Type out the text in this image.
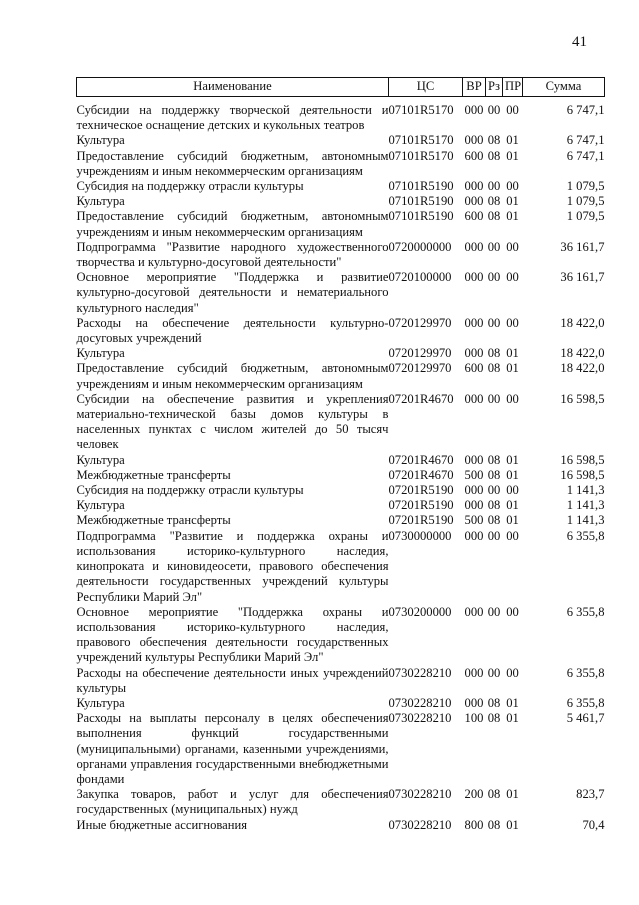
41
Наименование	ЦС	ВР	Рз	ПР	Сумма

Субсидии на поддержку творческой деятельности и техническое оснащение детских и кукольных театров	07101R5170	000	00	00	6 747,1
Культура	07101R5170	000	08	01	6 747,1
Предоставление субсидий бюджетным, автономным учреждениям и иным некоммерческим организациям	07101R5170	600	08	01	6 747,1
Субсидия на поддержку отрасли культуры	07101R5190	000	00	00	1 079,5
Культура	07101R5190	000	08	01	1 079,5
Предоставление субсидий бюджетным, автономным учреждениям и иным некоммерческим организациям	07101R5190	600	08	01	1 079,5
Подпрограмма "Развитие народного художественного творчества и культурно-досуговой деятельности"	0720000000	000	00	00	36 161,7
Основное мероприятие "Поддержка и развитие культурно-досуговой деятельности и нематериального культурного наследия"	0720100000	000	00	00	36 161,7
Расходы на обеспечение деятельности культурно-досуговых учреждений	0720129970	000	00	00	18 422,0
Культура	0720129970	000	08	01	18 422,0
Предоставление субсидий бюджетным, автономным учреждениям и иным некоммерческим организациям	0720129970	600	08	01	18 422,0
Субсидии на обеспечение развития и укрепления материально-технической базы домов культуры в населенных пунктах с числом жителей до 50 тысяч человек	07201R4670	000	00	00	16 598,5
Культура	07201R4670	000	08	01	16 598,5
Межбюджетные трансферты	07201R4670	500	08	01	16 598,5
Субсидия на поддержку отрасли культуры	07201R5190	000	00	00	1 141,3
Культура	07201R5190	000	08	01	1 141,3
Межбюджетные трансферты	07201R5190	500	08	01	1 141,3
Подпрограмма "Развитие и поддержка охраны и использования историко-культурного наследия, кинопроката и киновидеосети, правового обеспечения деятельности государственных учреждений культуры Республики Марий Эл"	0730000000	000	00	00	6 355,8
Основное мероприятие "Поддержка охраны и использования историко-культурного наследия, правового обеспечения деятельности государственных учреждений культуры Республики Марий Эл"	0730200000	000	00	00	6 355,8
Расходы на обеспечение деятельности иных учреждений культуры	0730228210	000	00	00	6 355,8
Культура	0730228210	000	08	01	6 355,8
Расходы на выплаты персоналу в целях обеспечения выполнения функций государственными (муниципальными) органами, казенными учреждениями, органами управления государственными внебюджетными фондами	0730228210	100	08	01	5 461,7
Закупка товаров, работ и услуг для обеспечения государственных (муниципальных) нужд	0730228210	200	08	01	823,7
Иные бюджетные ассигнования	0730228210	800	08	01	70,4
